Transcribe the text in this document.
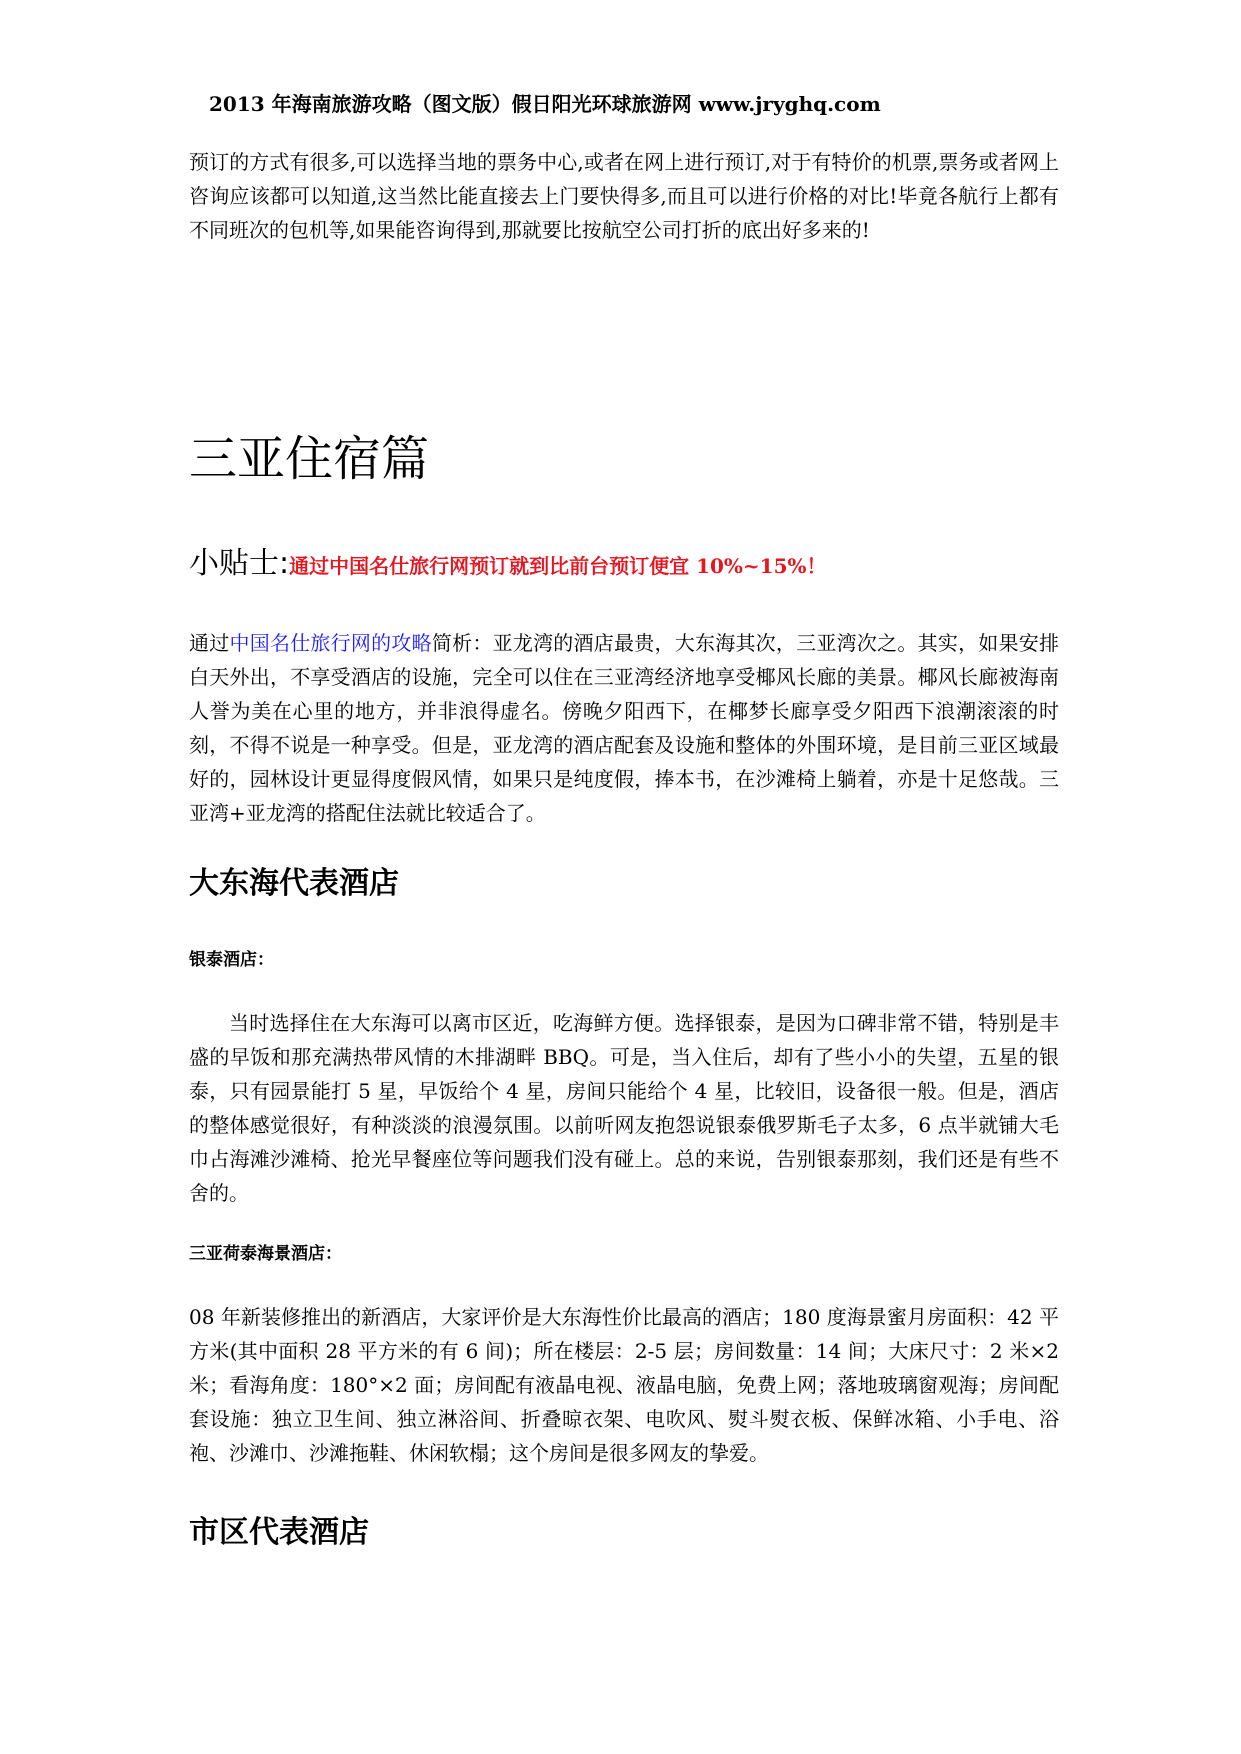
2013 年海南旅游攻略（图文版）假日阳光环球旅游网 www.jryghq.com

预订的方式有很多,可以选择当地的票务中心,或者在网上进行预订,对于有特价的机票,票务或者网上咨询应该都可以知道,这当然比能直接去上门要快得多,而且可以进行价格的对比!毕竟各航行上都有不同班次的包机等,如果能咨询得到,那就要比按航空公司打折的底出好多来的!

三亚住宿篇
小贴士:通过中国名仕旅行网预订就到比前台预订便宜 10%~15%！

通过中国名仕旅行网的攻略简析：亚龙湾的酒店最贵，大东海其次，三亚湾次之。其实，如果安排白天外出，不享受酒店的设施，完全可以住在三亚湾经济地享受椰风长廊的美景。椰风长廊被海南人誉为美在心里的地方，并非浪得虚名。傍晚夕阳西下，在椰梦长廊享受夕阳西下浪潮滚滚的时刻，不得不说是一种享受。但是，亚龙湾的酒店配套及设施和整体的外围环境，是目前三亚区域最好的，园林设计更显得度假风情，如果只是纯度假，捧本书，在沙滩椅上躺着，亦是十足悠哉。三亚湾+亚龙湾的搭配住法就比较适合了。

大东海代表酒店
银泰酒店：

当时选择住在大东海可以离市区近，吃海鲜方便。选择银泰，是因为口碑非常不错，特别是丰盛的早饭和那充满热带风情的木排湖畔 BBQ。可是，当入住后，却有了些小小的失望，五星的银泰，只有园景能打 5 星，早饭给个 4 星，房间只能给个 4 星，比较旧，设备很一般。但是，酒店的整体感觉很好，有种淡淡的浪漫氛围。以前听网友抱怨说银泰俄罗斯毛子太多，6 点半就铺大毛巾占海滩沙滩椅、抢光早餐座位等问题我们没有碰上。总的来说，告别银泰那刻，我们还是有些不舍的。

三亚荷泰海景酒店：

08 年新装修推出的新酒店，大家评价是大东海性价比最高的酒店；180 度海景蜜月房面积：42 平方米(其中面积 28 平方米的有 6 间)；所在楼层：2-5 层；房间数量：14 间；大床尺寸：2 米×2 米；看海角度：180°×2 面；房间配有液晶电视、液晶电脑，免费上网；落地玻璃窗观海；房间配套设施：独立卫生间、独立淋浴间、折叠晾衣架、电吹风、熨斗熨衣板、保鲜冰箱、小手电、浴袍、沙滩巾、沙滩拖鞋、休闲软榻；这个房间是很多网友的挚爱。

市区代表酒店
